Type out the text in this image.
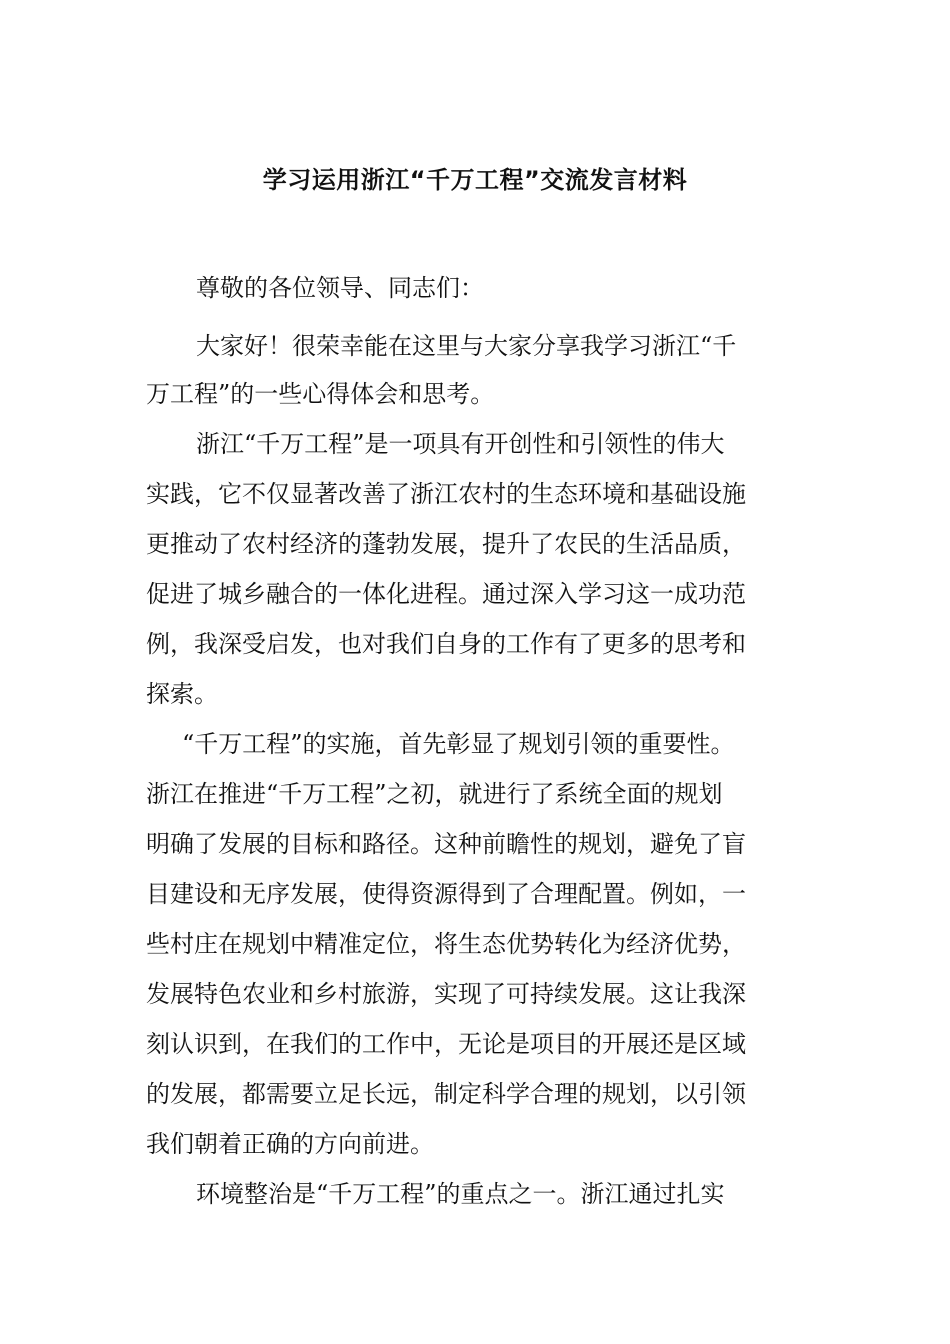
学习运用浙江“千万工程”交流发言材料
尊敬的各位领导、同志们：
大家好！很荣幸能在这里与大家分享我学习浙江“千
万工程”的一些心得体会和思考。
浙江“千万工程”是一项具有开创性和引领性的伟大
实践，它不仅显著改善了浙江农村的生态环境和基础设施
更推动了农村经济的蓬勃发展，提升了农民的生活品质，
促进了城乡融合的一体化进程。通过深入学习这一成功范
例，我深受启发，也对我们自身的工作有了更多的思考和
探索。
“千万工程”的实施，首先彰显了规划引领的重要性。
浙江在推进“千万工程”之初，就进行了系统全面的规划
明确了发展的目标和路径。这种前瞻性的规划，避免了盲
目建设和无序发展，使得资源得到了合理配置。例如，一
些村庄在规划中精准定位，将生态优势转化为经济优势，
发展特色农业和乡村旅游，实现了可持续发展。这让我深
刻认识到，在我们的工作中，无论是项目的开展还是区域
的发展，都需要立足长远，制定科学合理的规划，以引领
我们朝着正确的方向前进。
环境整治是“千万工程”的重点之一。浙江通过扎实
